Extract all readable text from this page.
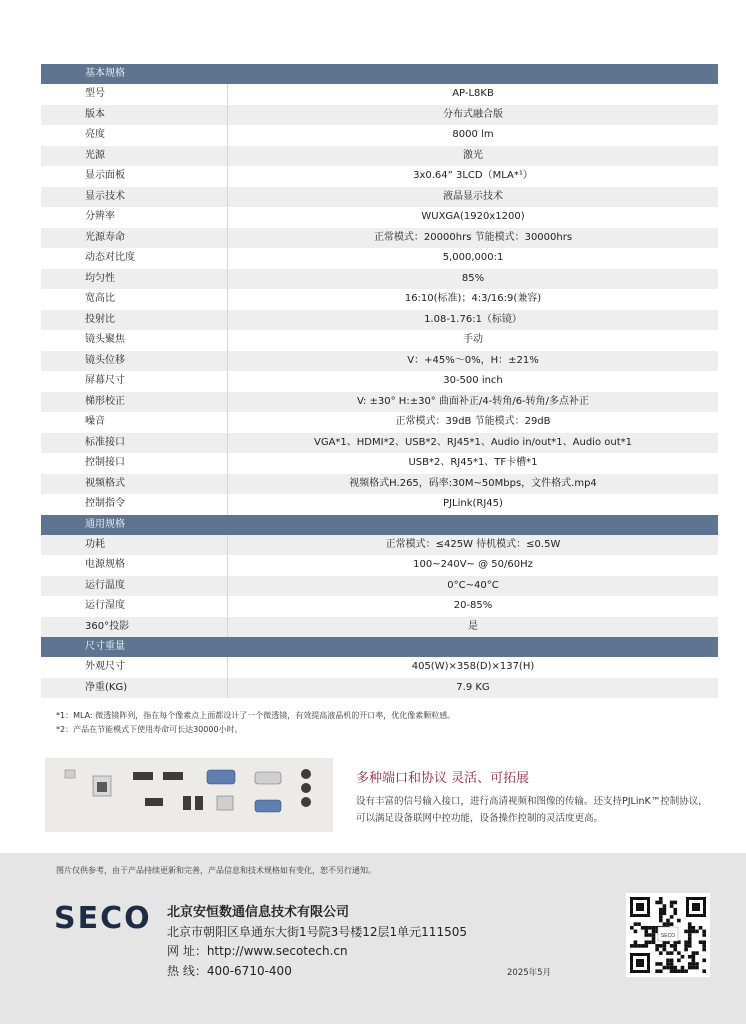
基本规格
型号	AP-L8KB
版本	分布式融合版
亮度	8000 lm
光源	激光
显示面板	3x0.64” 3LCD（MLA*¹）
显示技术	液晶显示技术
分辨率	WUXGA(1920x1200)
光源寿命	正常模式：20000hrs 节能模式：30000hrs
动态对比度	5,000,000:1
均匀性	85%
宽高比	16:10(标准)；4:3/16:9(兼容)
投射比	1.08-1.76:1（标镜）
镜头聚焦	手动
镜头位移	V：+45%～0%，H：±21%
屏幕尺寸	30-500 inch
梯形校正	V: ±30° H:±30° 曲面补正/4-转角/6-转角/多点补正
噪音	正常模式：39dB 节能模式：29dB
标准接口	VGA*1、HDMI*2、USB*2、RJ45*1、Audio in/out*1、Audio out*1
控制接口	USB*2、RJ45*1、TF卡槽*1
视频格式	视频格式H.265，码率:30M~50Mbps，文件格式.mp4
控制指令	PJLink(RJ45)
通用规格
功耗	正常模式：≤425W 待机模式：≤0.5W
电源规格	100~240V~ @ 50/60Hz
运行温度	0°C~40°C
运行湿度	20-85%
360°投影	是
尺寸重量
外观尺寸	405(W)×358(D)×137(H)
净重(KG)	7.9 KG
*1：MLA: 微透镜阵列，指在每个像素点上面都设计了一个微透镜，有效提高液晶机的开口率，优化像素颗粒感。
*2：产品在节能模式下使用寿命可长达30000小时。
多种端口和协议 灵活、可拓展
设有丰富的信号输入接口，进行高清视频和图像的传输。还支持PJLinK™控制协议，可以满足设备联网中控功能，设备操作控制的灵活度更高。
图片仅供参考，由于产品持续更新和完善，产品信息和技术规格如有变化，恕不另行通知。
SECO 北京安恒数通信息技术有限公司
北京市朝阳区阜通东大街1号院3号楼12层1单元111505
网 址：http://www.secotech.cn
热 线：400-6710-400	2025年5月
SECO
